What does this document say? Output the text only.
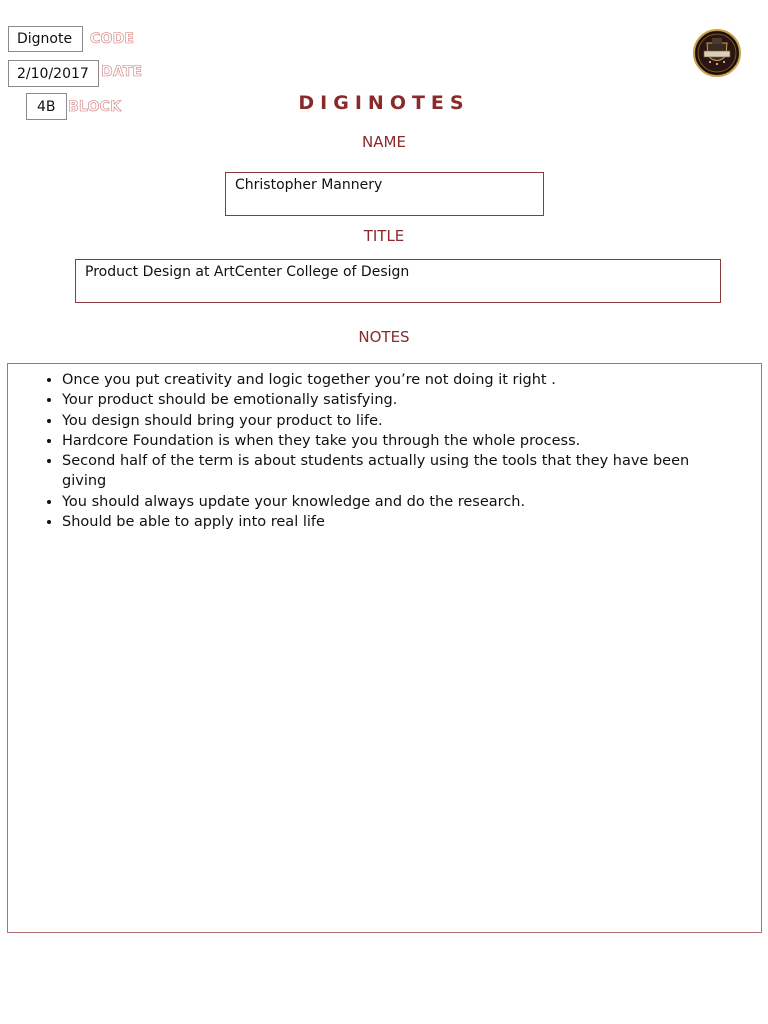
Dignote	CODE
2/10/2017 DATE
4B BLOCK	DIGINOTES
NAME
Christopher Mannery
TITLE
Product Design at ArtCenter College of Design
NOTES
• Once you put creativity and logic together you’re not doing it right .
• Your product should be emotionally satisfying.
• You design should bring your product to life.
• Hardcore Foundation is when they take you through the whole process.
• Second half of the term is about students actually using the tools that they have been giving
• You should always update your knowledge and do the research.
• Should be able to apply into real life
